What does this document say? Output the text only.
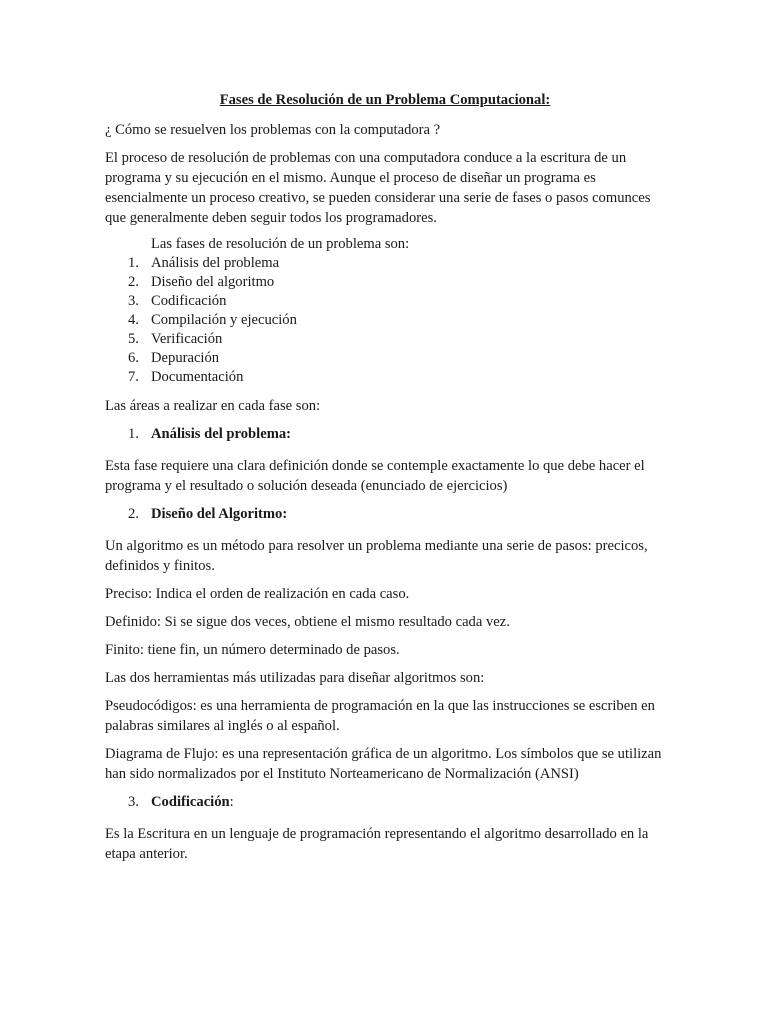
Fases de Resolución de un Problema Computacional:

¿ Cómo se resuelven los problemas con la computadora ?

El proceso de resolución de problemas con una computadora conduce a la escritura de un programa y su ejecución en el mismo. Aunque el proceso de diseñar un programa es esencialmente un proceso creativo, se pueden considerar una serie de fases o pasos comunces que generalmente deben seguir todos los programadores.

Las fases de resolución de un problema son:
1. Análisis del problema
2. Diseño del algoritmo
3. Codificación
4. Compilación y ejecución
5. Verificación
6. Depuración
7. Documentación

Las áreas a realizar en cada fase son:

1. Análisis del problema:

Esta fase requiere una clara definición donde se contemple exactamente lo que debe hacer el programa y el resultado o solución deseada (enunciado de ejercicios)

2. Diseño del Algoritmo:

Un algoritmo es un método para resolver un problema mediante una serie de pasos: precicos, definidos y finitos.

Preciso: Indica el orden de realización en cada caso.

Definido: Si se sigue dos veces, obtiene el mismo resultado cada vez.

Finito: tiene fin, un número determinado de pasos.

Las dos herramientas más utilizadas para diseñar algoritmos son:

Pseudocódigos: es una herramienta de programación en la que las instrucciones se escriben en palabras similares al inglés o al español.

Diagrama de Flujo: es una representación gráfica de un algoritmo. Los símbolos que se utilizan han sido normalizados por el Instituto Norteamericano de Normalización (ANSI)

3. Codificación:

Es la Escritura en un lenguaje de programación representando el algoritmo desarrollado en la etapa anterior.
